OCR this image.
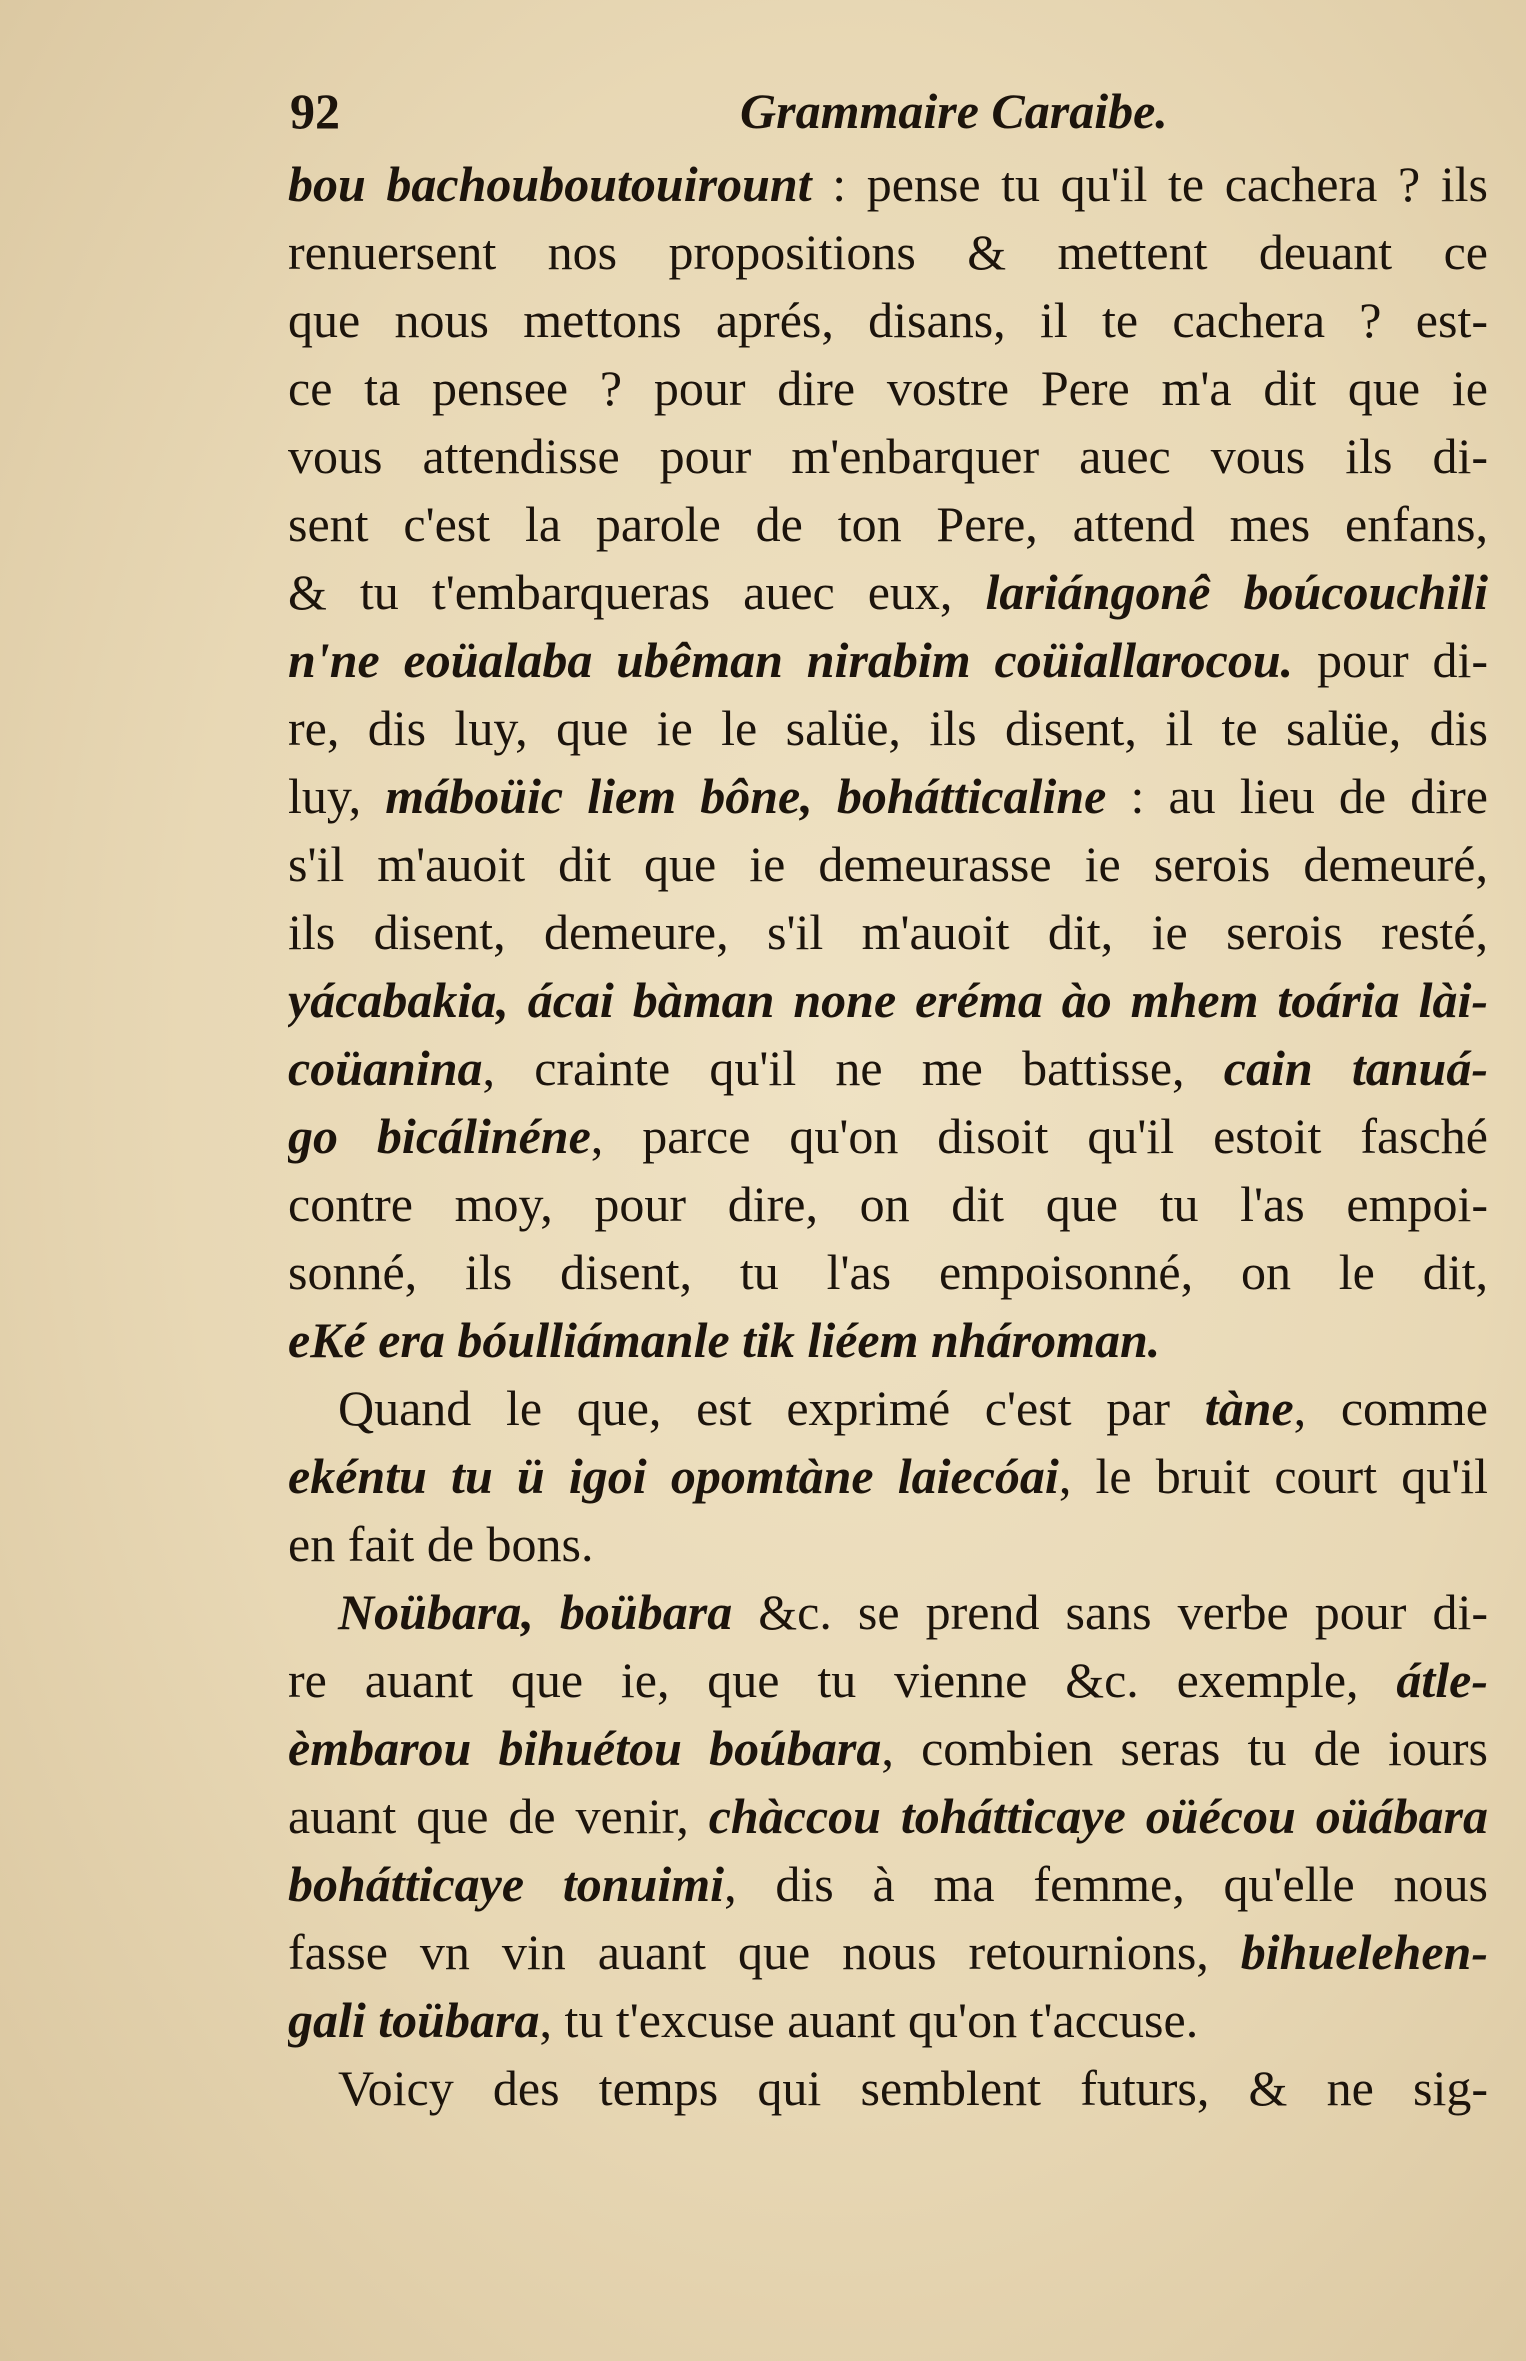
92	Grammaire Caraibe.
bou bachouboutouirount : pense tu qu'il te cachera ? ils
renuersent nos propositions & mettent deuant ce
que nous mettons aprés, disans, il te cachera ? est-
ce ta pensee ? pour dire vostre Pere m'a dit que ie
vous attendisse pour m'enbarquer auec vous ils di-
sent c'est la parole de ton Pere, attend mes enfans,
& tu t'embarqueras auec eux, lariángonê boúcouchili
n'ne eoüalaba ubêman nirabim coüiallarocou. pour di-
re, dis luy, que ie le salüe, ils disent, il te salüe, dis
luy, máboüic liem bône, bohátticaline : au lieu de dire
s'il m'auoit dit que ie demeurasse ie serois demeuré,
ils disent, demeure, s'il m'auoit dit, ie serois resté,
yácabakia, ácai bàman none eréma ào mhem toária lài-
coüanina, crainte qu'il ne me battisse, cain tanuá-
go bicálinéne, parce qu'on disoit qu'il estoit fasché
contre moy, pour dire, on dit que tu l'as empoi-
sonné, ils disent, tu l'as empoisonné, on le dit,
eKé era bóulliámanle tik liéem nhároman.
Quand le que, est exprimé c'est par tàne, comme
ekéntu tu ü igoi opomtàne laiecóai, le bruit court qu'il
en fait de bons.
Noübara, boübara &c. se prend sans verbe pour di-
re auant que ie, que tu vienne &c. exemple, átle-
èmbarou bihuétou boúbara, combien seras tu de iours
auant que de venir, chàccou tohátticaye oüécou oüábara
bohátticaye tonuimi, dis à ma femme, qu'elle nous
fasse vn vin auant que nous retournions, bihuelehen-
gali toübara, tu t'excuse auant qu'on t'accuse.
Voicy des temps qui semblent futurs, & ne sig-
